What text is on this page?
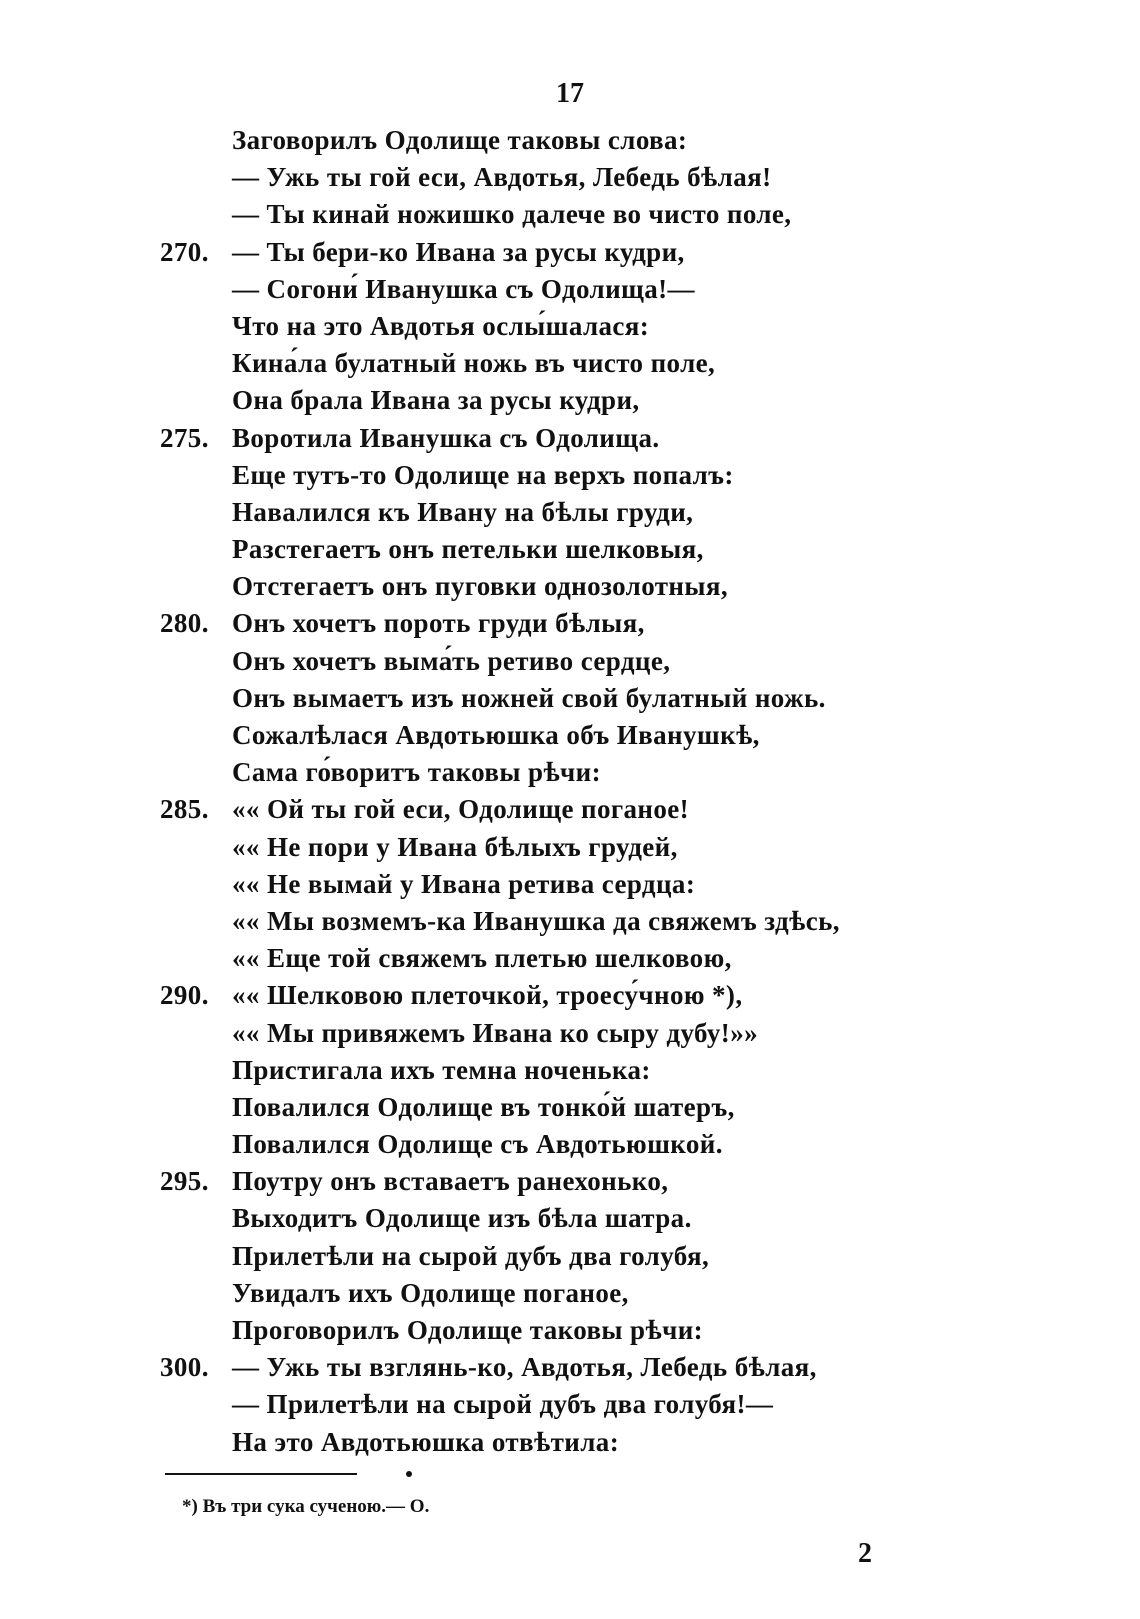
17
Заговорилъ Одолище таковы слова:
— Ужь ты гой еси, Авдотья, Лебедь бѣлая!
— Ты кинай ножишко далече во чисто поле,
270. — Ты бери-ко Ивана за русы кудри,
— Согони́ Иванушка съ Одолища!—
Что на это Авдотья ослы́шалася:
Кина́ла булатный ножь въ чисто поле,
Она брала Ивана за русы кудри,
275. Воротила Иванушка съ Одолища.
Еще тутъ-то Одолище на верхъ попалъ:
Навалился къ Ивану на бѣлы груди,
Разстегаетъ онъ петельки шелковыя,
Отстегаетъ онъ пуговки однозолотныя,
280. Онъ хочетъ пороть груди бѣлыя,
Онъ хочетъ выма́ть ретиво сердце,
Онъ вымаетъ изъ ножней свой булатный ножь.
Сожалѣлася Авдотьюшка объ Иванушкѣ,
Сама го́воритъ таковы рѣчи:
285. «« Ой ты гой еси, Одолище поганое!
«« Не пори у Ивана бѣлыхъ грудей,
«« Не вымай у Ивана ретива сердца:
«« Мы возмемъ-ка Иванушка да свяжемъ здѣсь,
«« Еще той свяжемъ плетью шелковою,
290. «« Шелковою плеточкой, троесу́чною *),
«« Мы привяжемъ Ивана ко сыру дубу!»»
Пристигала ихъ темна ноченька:
Повалился Одолище въ тонко́й шатеръ,
Повалился Одолище съ Авдотьюшкой.
295. Поутру онъ вставаетъ ранехонько,
Выходитъ Одолище изъ бѣла шатра.
Прилетѣли на сырой дубъ два голубя,
Увидалъ ихъ Одолище поганое,
Проговорилъ Одолище таковы рѣчи:
300. — Ужь ты взглянь-ко, Авдотья, Лебедь бѣлая,
— Прилетѣли на сырой дубъ два голубя!—
На это Авдотьюшка отвѣтила:
*) Въ три сука сученою.— О.
2
